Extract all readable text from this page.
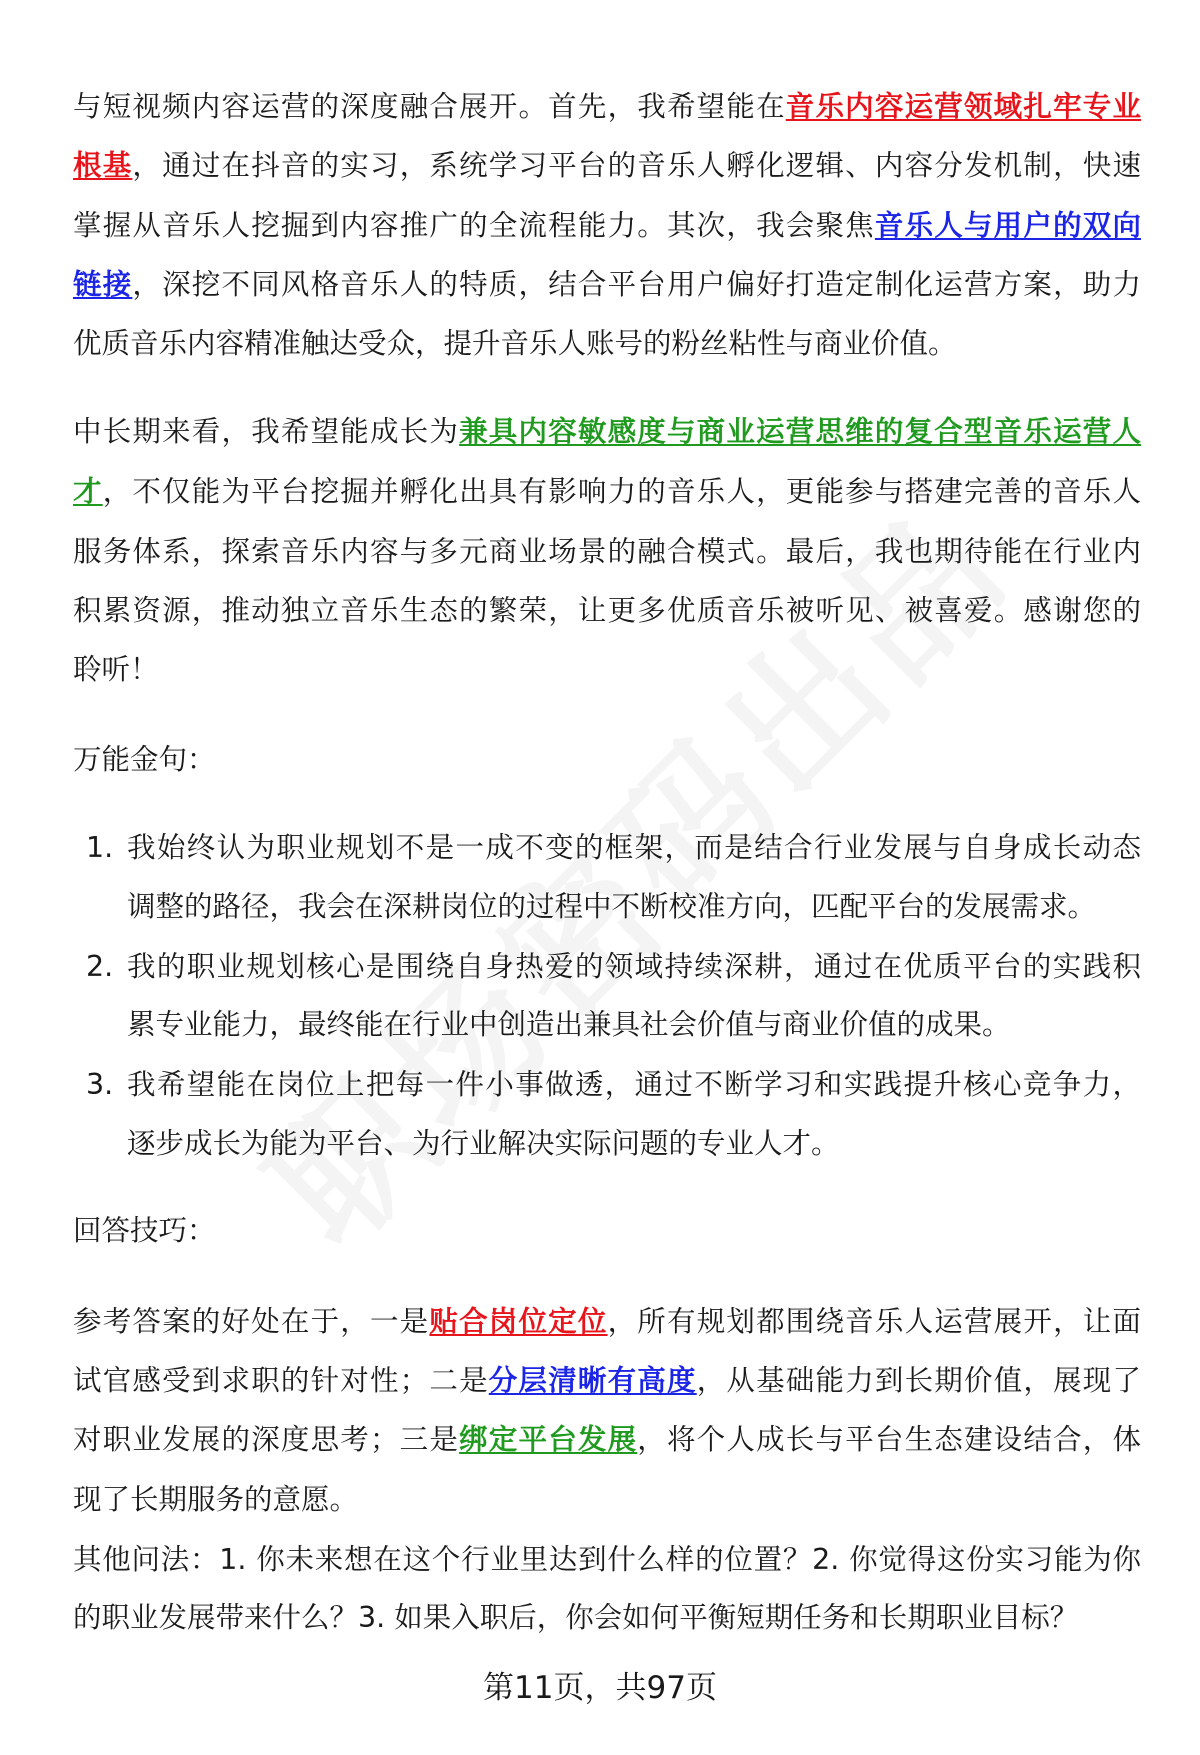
与短视频内容运营的深度融合展开。首先，我希望能在音乐内容运营领域扎牢专业
根基，通过在抖音的实习，系统学习平台的音乐人孵化逻辑、内容分发机制，快速
掌握从音乐人挖掘到内容推广的全流程能力。其次，我会聚焦音乐人与用户的双向
链接，深挖不同风格音乐人的特质，结合平台用户偏好打造定制化运营方案，助力
优质音乐内容精准触达受众，提升音乐人账号的粉丝粘性与商业价值。
中长期来看，我希望能成长为兼具内容敏感度与商业运营思维的复合型音乐运营人
才，不仅能为平台挖掘并孵化出具有影响力的音乐人，更能参与搭建完善的音乐人
服务体系，探索音乐内容与多元商业场景的融合模式。最后，我也期待能在行业内
积累资源，推动独立音乐生态的繁荣，让更多优质音乐被听见、被喜爱。感谢您的
聆听！
万能金句：
我始终认为职业规划不是一成不变的框架，而是结合行业发展与自身成长动态
1.
调整的路径，我会在深耕岗位的过程中不断校准方向，匹配平台的发展需求。
我的职业规划核心是围绕自身热爱的领域持续深耕，通过在优质平台的实践积
2.
累专业能力，最终能在行业中创造出兼具社会价值与商业价值的成果。
我希望能在岗位上把每一件小事做透，通过不断学习和实践提升核心竞争力，
3.
逐步成长为能为平台、为行业解决实际问题的专业人才。
回答技巧：
参考答案的好处在于，一是贴合岗位定位，所有规划都围绕音乐人运营展开，让面
试官感受到求职的针对性；二是分层清晰有高度，从基础能力到长期价值，展现了
对职业发展的深度思考；三是绑定平台发展，将个人成长与平台生态建设结合，体
现了长期服务的意愿。
其他问法：1. 你未来想在这个行业里达到什么样的位置？2. 你觉得这份实习能为你
的职业发展带来什么？3. 如果入职后，你会如何平衡短期任务和长期职业目标？
第11页，共97页
